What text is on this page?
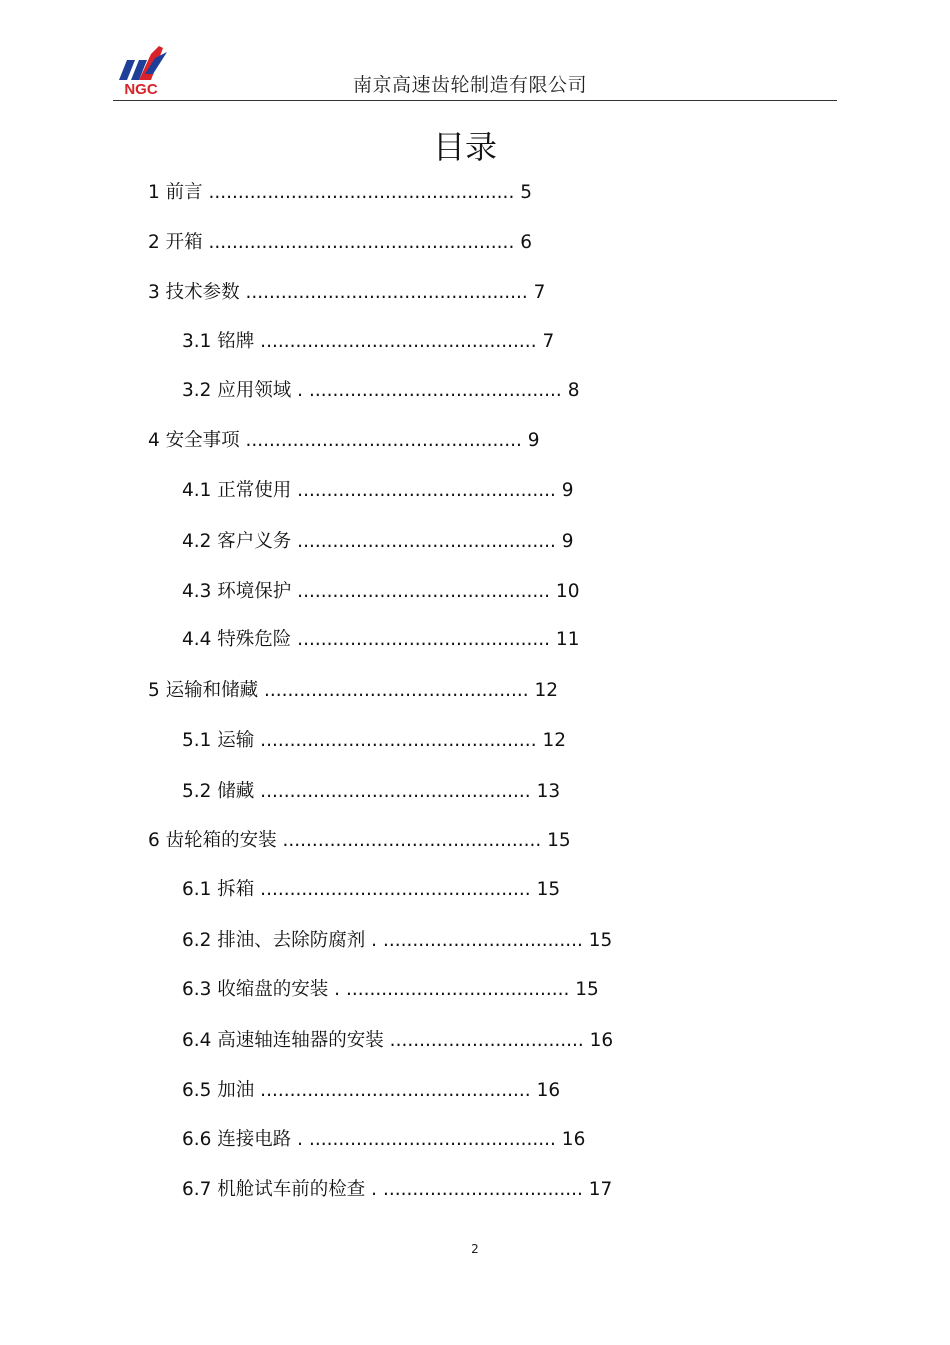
NGC	南京高速齿轮制造有限公司
目录
1 前言 .................................................... 5
2 开箱 .................................................... 6
3 技术参数 ................................................ 7
3.1 铭牌 ............................................... 7
3.2 应用领域 . ........................................... 8
4 安全事项 ............................................... 9
4.1 正常使用 ............................................ 9
4.2 客户义务 ............................................ 9
4.3 环境保护 ........................................... 10
4.4 特殊危险 ........................................... 11
5 运输和储藏 ............................................. 12
5.1 运输 ............................................... 12
5.2 储藏 .............................................. 13
6 齿轮箱的安装 ............................................ 15
6.1 拆箱 .............................................. 15
6.2 排油、去除防腐剂 . .................................. 15
6.3 收缩盘的安装 . ...................................... 15
6.4 高速轴连轴器的安装 ................................. 16
6.5 加油 .............................................. 16
6.6 连接电路 . .......................................... 16
6.7 机舱试车前的检查 . .................................. 17
2
